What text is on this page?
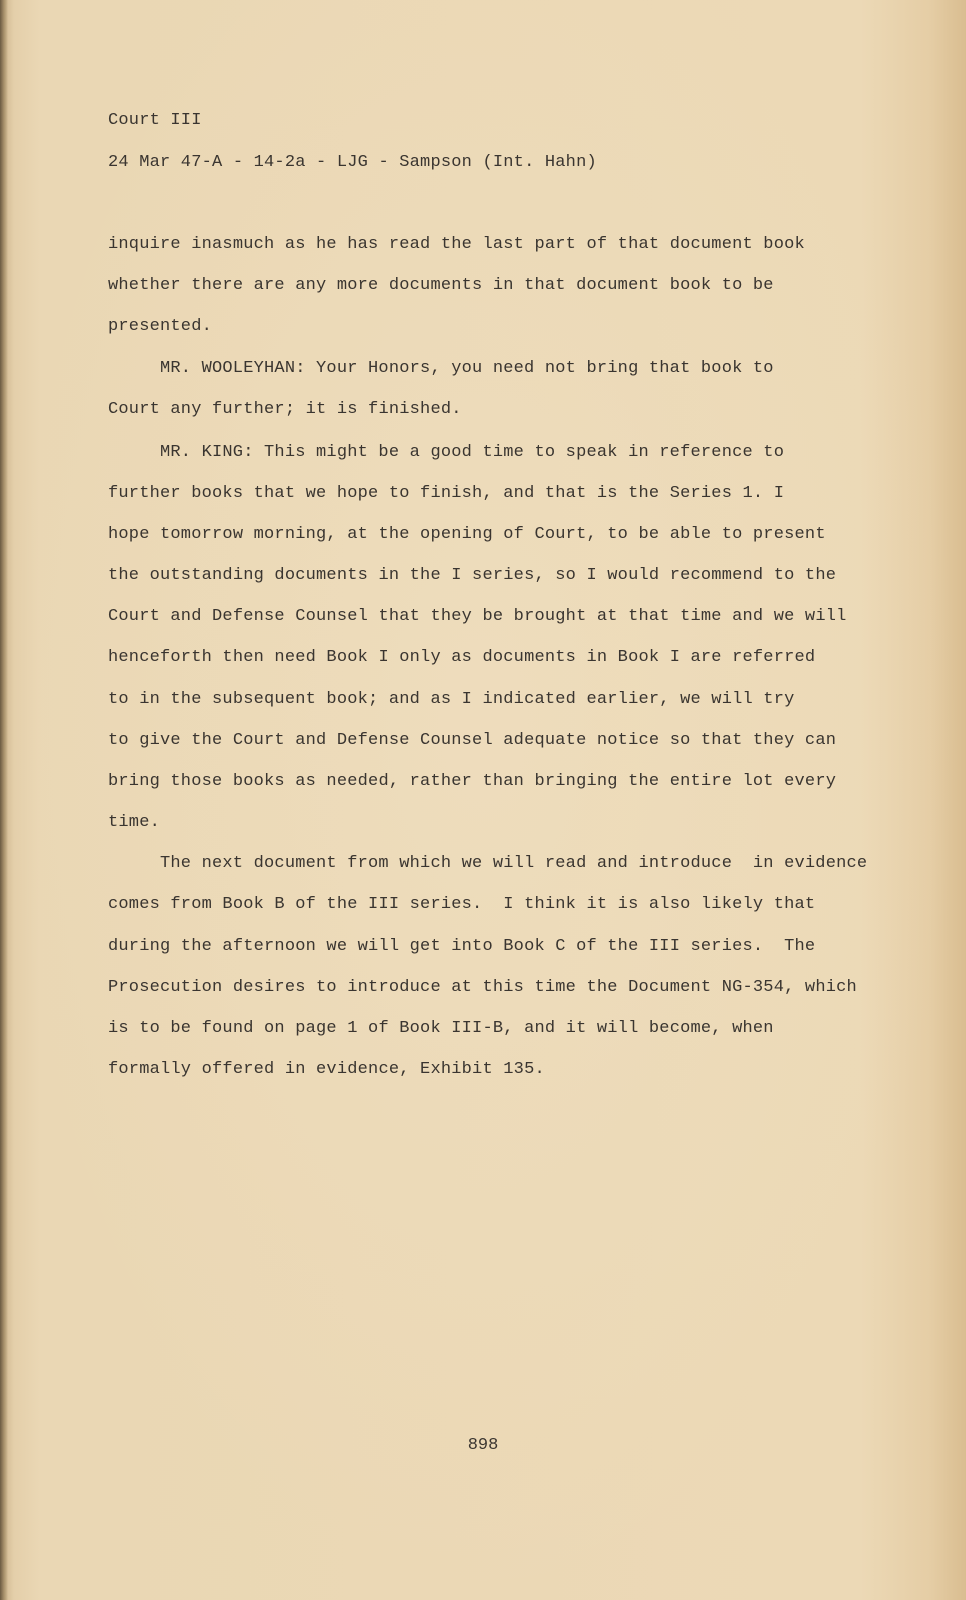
Court III
24 Mar 47-A - 14-2a - LJG - Sampson (Int. Hahn)
inquire inasmuch as he has read the last part of that document book
whether there are any more documents in that document book to be
presented.
MR. WOOLEYHAN: Your Honors, you need not bring that book to
Court any further; it is finished.
MR. KING: This might be a good time to speak in reference to
further books that we hope to finish, and that is the Series 1. I
hope tomorrow morning, at the opening of Court, to be able to present
the outstanding documents in the I series, so I would recommend to the
Court and Defense Counsel that they be brought at that time and we will
henceforth then need Book I only as documents in Book I are referred
to in the subsequent book; and as I indicated earlier, we will try
to give the Court and Defense Counsel adequate notice so that they can
bring those books as needed, rather than bringing the entire lot every
time.
The next document from which we will read and introduce  in evidence
comes from Book B of the III series.  I think it is also likely that
during the afternoon we will get into Book C of the III series.  The
Prosecution desires to introduce at this time the Document NG-354, which
is to be found on page 1 of Book III-B, and it will become, when
formally offered in evidence, Exhibit 135.
898
